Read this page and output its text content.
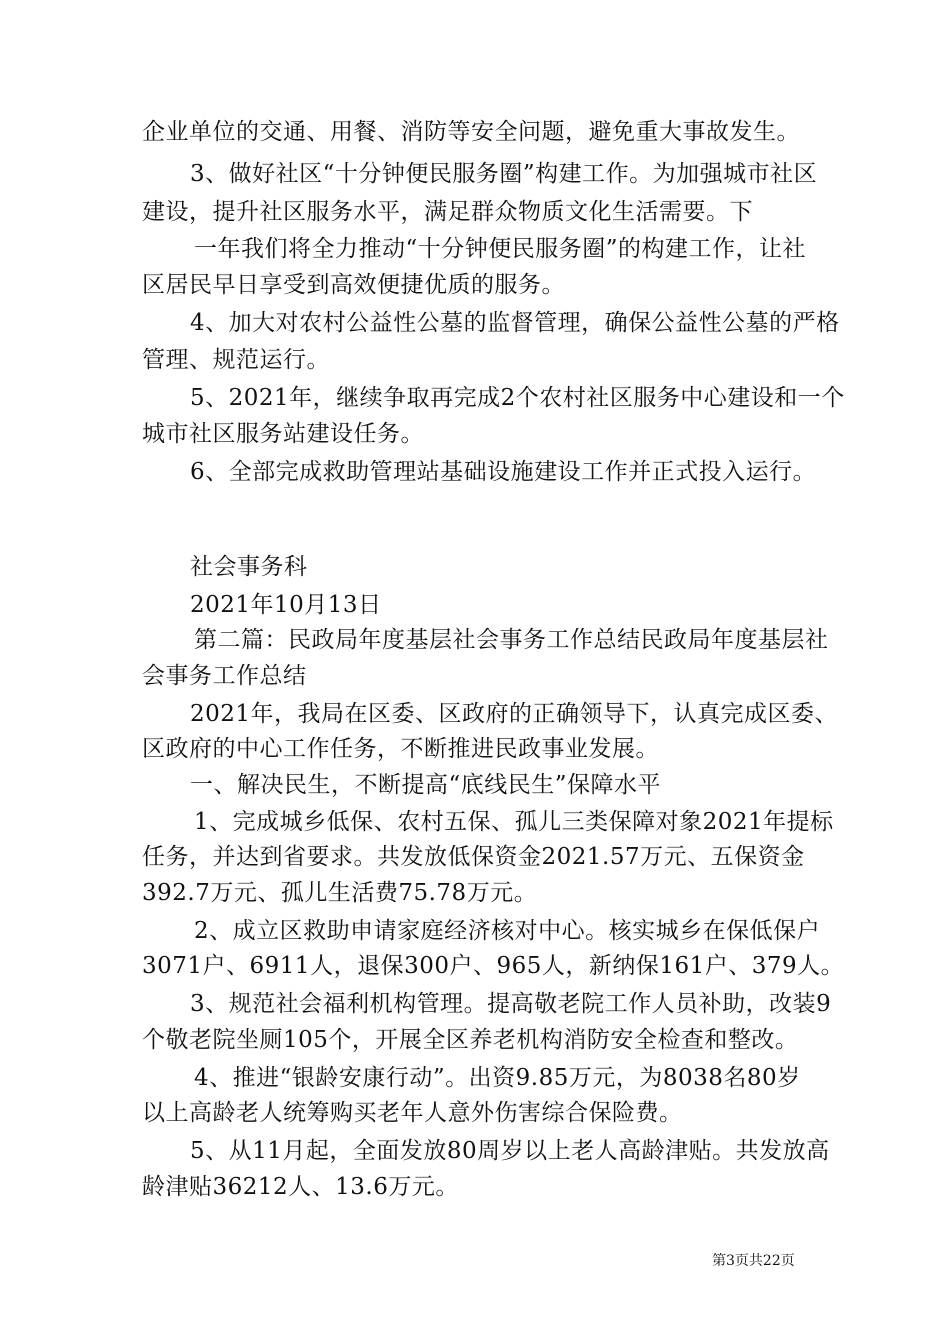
企业单位的交通、用餐、消防等安全问题，避免重大事故发生。
3、做好社区“十分钟便民服务圈”构建工作。为加强城市社区
建设，提升社区服务水平，满足群众物质文化生活需要。下
一年我们将全力推动“十分钟便民服务圈”的构建工作，让社
区居民早日享受到高效便捷优质的服务。
4、加大对农村公益性公墓的监督管理，确保公益性公墓的严格
管理、规范运行。
5、2021年，继续争取再完成2个农村社区服务中心建设和一个
城市社区服务站建设任务。
6、全部完成救助管理站基础设施建设工作并正式投入运行。
社会事务科
2021年10月13日
第二篇：民政局年度基层社会事务工作总结民政局年度基层社
会事务工作总结
2021年，我局在区委、区政府的正确领导下，认真完成区委、
区政府的中心工作任务，不断推进民政事业发展。
一、解决民生，不断提高“底线民生”保障水平
1、完成城乡低保、农村五保、孤儿三类保障对象2021年提标
任务，并达到省要求。共发放低保资金2021.57万元、五保资金
392.7万元、孤儿生活费75.78万元。
2、成立区救助申请家庭经济核对中心。核实城乡在保低保户
3071户、6911人，退保300户、965人，新纳保161户、379人。
3、规范社会福利机构管理。提高敬老院工作人员补助，改装9
个敬老院坐厕105个，开展全区养老机构消防安全检查和整改。
4、推进“银龄安康行动”。出资9.85万元，为8038名80岁
以上高龄老人统筹购买老年人意外伤害综合保险费。
5、从11月起，全面发放80周岁以上老人高龄津贴。共发放高
龄津贴36212人、13.6万元。
第3页共22页
